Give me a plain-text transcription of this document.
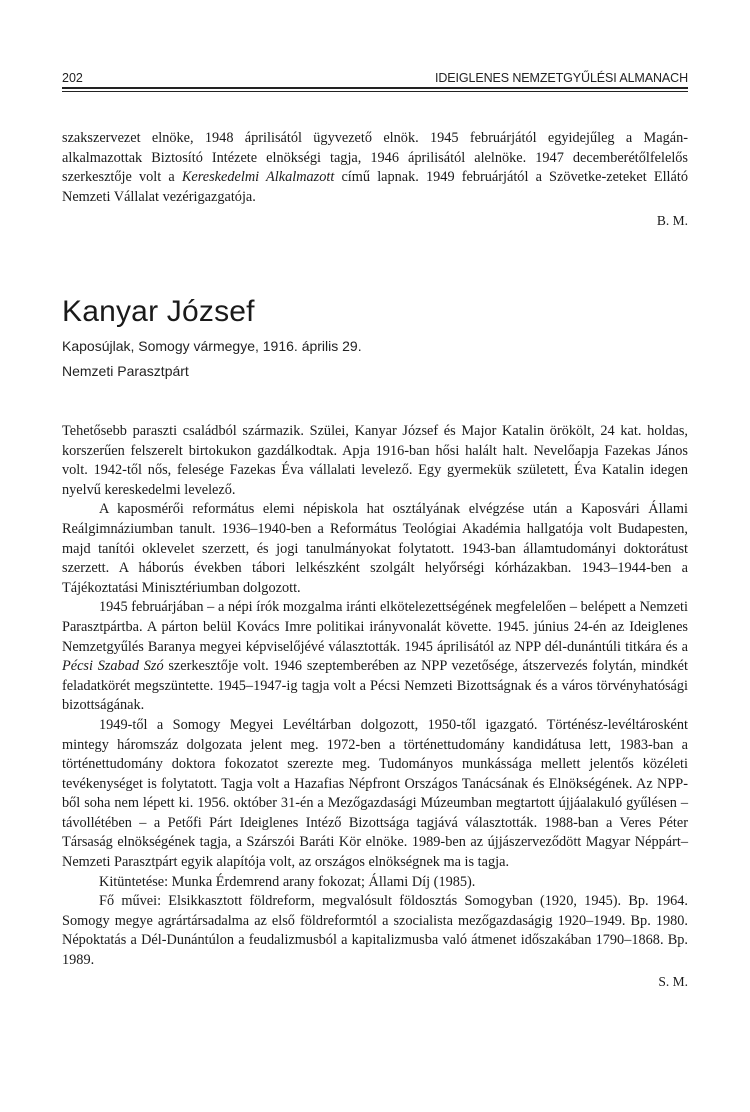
202	IDEIGLENES NEMZETGYŰLÉSI ALMANACH

szakszervezet elnöke, 1948 áprilisától ügyvezető elnök. 1945 februárjától egyidejűleg a Magán-alkalmazottak Biztosító Intézete elnökségi tagja, 1946 áprilisától alelnöke. 1947 decemberétőlfelelős szerkesztője volt a Kereskedelmi Alkalmazott című lapnak. 1949 februárjától a Szövetke-zeteket Ellátó Nemzeti Vállalat vezérigazgatója.

B. M.
Kanyar József
Kaposújlak, Somogy vármegye, 1916. április 29.
Nemzeti Parasztpárt

Tehetősebb paraszti családból származik. Szülei, Kanyar József és Major Katalin örökölt, 24 kat. holdas, korszerűen felszerelt birtokukon gazdálkodtak. Apja 1916-ban hősi halált halt. Nevelőapja Fazekas János volt. 1942-től nős, felesége Fazekas Éva vállalati levelező. Egy gyermekük született, Éva Katalin idegen nyelvű kereskedelmi levelező.

A kaposmérői református elemi népiskola hat osztályának elvégzése után a Kaposvári Állami Reálgimnáziumban tanult. 1936–1940-ben a Református Teológiai Akadémia hallgatója volt Budapesten, majd tanítói oklevelet szerzett, és jogi tanulmányokat folytatott. 1943-ban államtudományi doktorátust szerzett. A háborús években tábori lelkészként szolgált helyőrségi kórházakban. 1943–1944-ben a Tájékoztatási Minisztériumban dolgozott.

1945 februárjában – a népi írók mozgalma iránti elkötelezettségének megfelelően – belépett a Nemzeti Parasztpártba. A párton belül Kovács Imre politikai irányvonalát követte. 1945. június 24-én az Ideiglenes Nemzetgyűlés Baranya megyei képviselőjévé választották. 1945 áprilisától az NPP dél-dunántúli titkára és a Pécsi Szabad Szó szerkesztője volt. 1946 szeptemberében az NPP vezetősége, átszervezés folytán, mindkét feladatkörét megszüntette. 1945–1947-ig tagja volt a Pécsi Nemzeti Bizottságnak és a város törvényhatósági bizottságának.

1949-től a Somogy Megyei Levéltárban dolgozott, 1950-től igazgató. Történész-levéltárosként mintegy háromszáz dolgozata jelent meg. 1972-ben a történettudomány kandidátusa lett, 1983-ban a történettudomány doktora fokozatot szerezte meg. Tudományos munkássága mellett jelentős közéleti tevékenységet is folytatott. Tagja volt a Hazafias Népfront Országos Tanácsának és Elnökségének. Az NPP-ből soha nem lépett ki. 1956. október 31-én a Mezőgazdasági Múzeumban megtartott újjáalakuló gyűlésen – távollétében – a Petőfi Párt Ideiglenes Intéző Bizottsága tagjává választották. 1988-ban a Veres Péter Társaság elnökségének tagja, a Szárszói Baráti Kör elnöke. 1989-ben az újjászerveződött Magyar Néppárt–Nemzeti Parasztpárt egyik alapítója volt, az országos elnökségnek ma is tagja.

Kitüntetése: Munka Érdemrend arany fokozat; Állami Díj (1985).

Fő művei: Elsikkasztott földreform, megvalósult földosztás Somogyban (1920, 1945). Bp. 1964. Somogy megye agrártársadalma az első földreformtól a szocialista mezőgazdaságig 1920–1949. Bp. 1980. Népoktatás a Dél-Dunántúlon a feudalizmusból a kapitalizmusba való átmenet időszakában 1790–1868. Bp. 1989.

S. M.
